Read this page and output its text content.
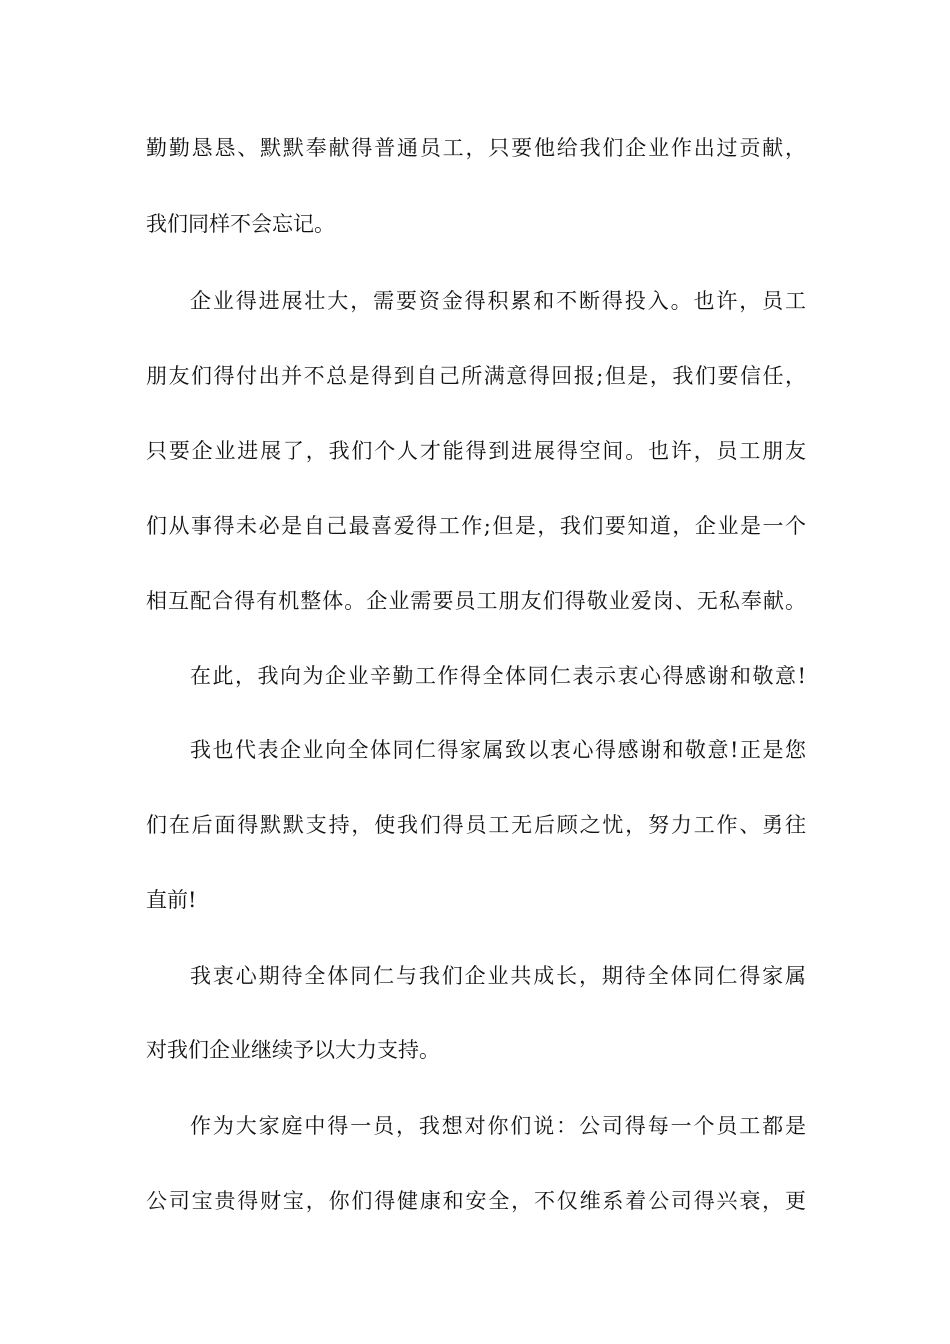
勤勤恳恳、默默奉献得普通员工，只要他给我们企业作出过贡献，
我们同样不会忘记。
企业得进展壮大，需要资金得积累和不断得投入。也许，员工
朋友们得付出并不总是得到自己所满意得回报;但是，我们要信任，
只要企业进展了，我们个人才能得到进展得空间。也许，员工朋友
们从事得未必是自己最喜爱得工作;但是，我们要知道，企业是一个
相互配合得有机整体。企业需要员工朋友们得敬业爱岗、无私奉献。
在此，我向为企业辛勤工作得全体同仁表示衷心得感谢和敬意!
我也代表企业向全体同仁得家属致以衷心得感谢和敬意!正是您
们在后面得默默支持，使我们得员工无后顾之忧，努力工作、勇往
直前!
我衷心期待全体同仁与我们企业共成长，期待全体同仁得家属
对我们企业继续予以大力支持。
作为大家庭中得一员，我想对你们说：公司得每一个员工都是
公司宝贵得财宝，你们得健康和安全，不仅维系着公司得兴衰，更
